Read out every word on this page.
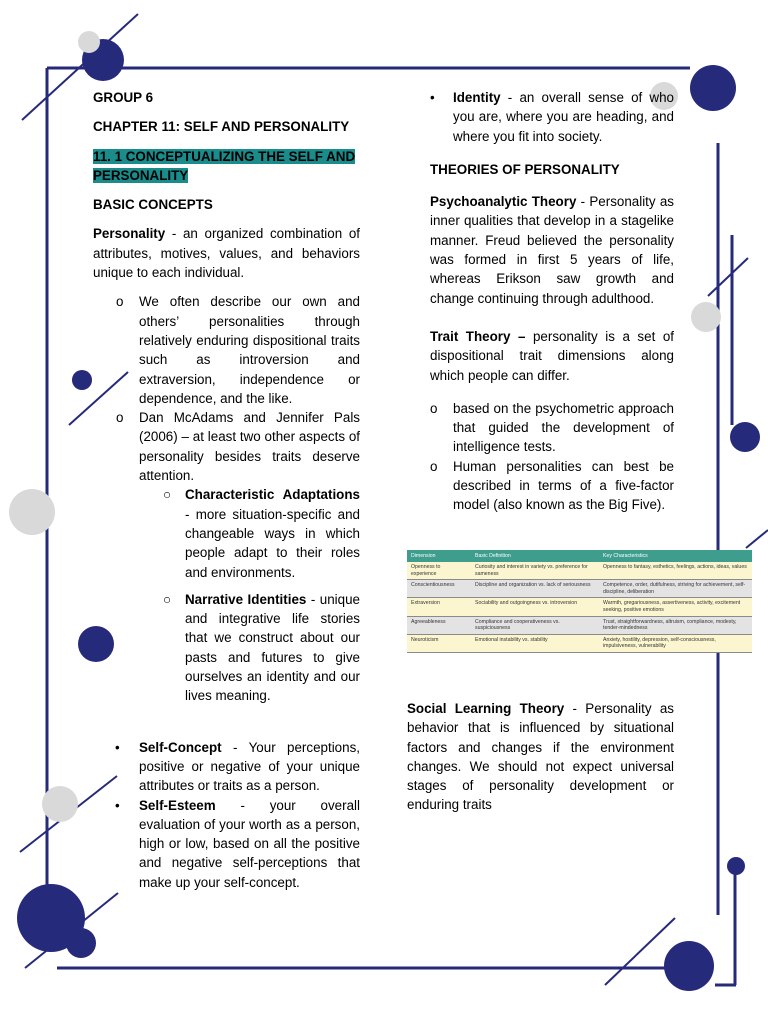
GROUP 6

CHAPTER 11: SELF AND PERSONALITY

11. 1 CONCEPTUALIZING THE SELF AND
PERSONALITY

BASIC CONCEPTS

Personality - an organized combination of attributes, motives, values, and behaviors unique to each individual.

o We often describe our own and others’ personalities through relatively enduring dispositional traits such as introversion and extraversion, independence or dependence, and the like.

o Dan McAdams and Jennifer Pals (2006) – at least two other aspects of personality besides traits deserve attention.

○ Characteristic Adaptations - more situation-specific and changeable ways in which people adapt to their roles and environments.

○ Narrative Identities - unique and integrative life stories that we construct about our pasts and futures to give ourselves an identity and our lives meaning.

• Self-Concept - Your perceptions, positive or negative of your unique attributes or traits as a person.

• Self-Esteem - your overall evaluation of your worth as a person, high or low, based on all the positive and negative self-perceptions that make up your self-concept.

• Identity - an overall sense of who you are, where you are heading, and where you fit into society.

THEORIES OF PERSONALITY

Psychoanalytic Theory - Personality as inner qualities that develop in a stagelike manner. Freud believed the personality was formed in first 5 years of life, whereas Erikson saw growth and change continuing through adulthood.

Trait Theory – personality is a set of dispositional trait dimensions along which people can differ.

o based on the psychometric approach that guided the development of intelligence tests.

o Human personalities can best be described in terms of a five-factor model (also known as the Big Five).

Dimension	Basic Definition	Key Characteristics
Openness to experience	Curiosity and interest in variety vs. preference for sameness	Openness to fantasy, esthetics, feelings, actions, ideas, values
Conscientiousness	Discipline and organization vs. lack of seriousness	Competence, order, dutifulness, striving for achievement, self-discipline, deliberation
Extraversion	Sociability and outgoingness vs. introversion	Warmth, gregariousness, assertiveness, activity, excitement seeking, positive emotions
Agreeableness	Compliance and cooperativeness vs. suspiciousness	Trust, straightforwardness, altruism, compliance, modesty, tender-mindedness
Neuroticism	Emotional instability vs. stability	Anxiety, hostility, depression, self-consciousness, impulsiveness, vulnerability

Social Learning Theory - Personality as behavior that is influenced by situational factors and changes if the environment changes. We should not expect universal stages of personality development or enduring traits
